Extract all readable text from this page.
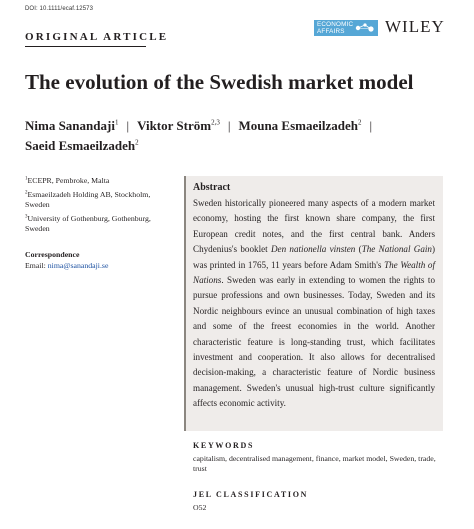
DOI: 10.1111/ecaf.12573
ORIGINAL ARTICLE
ECONOMIC
AFFAIRS	WILEY
The evolution of the Swedish market model
Nima Sanandaji$^1$ | Viktor Ström$^{2,3}$ | Mouna Esmaeilzadeh$^2$ |
Saeid Esmaeilzadeh$^2$
$^1$ECEPR, Pembroke, Malta
$^2$Esmaeilzadeh Holding AB, Stockholm, Sweden
$^3$University of Gothenburg, Gothenburg, Sweden
Correspondence
Email: nima@sanandaji.se
Abstract
Sweden historically pioneered many aspects of a modern market economy, hosting the first known share company, the first European credit notes, and the first central bank. Anders Chydenius's booklet Den nationella vinsten (The National Gain) was printed in 1765, 11 years before Adam Smith's The Wealth of Nations. Sweden was early in extending to women the rights to pursue professions and own businesses. Today, Sweden and its Nordic neighbours evince an unusual combination of high taxes and some of the freest economies in the world. Another characteristic feature is long-standing trust, which facilitates investment and cooperation. It also allows for decentralised decision-making, a characteristic feature of Nordic business management. Sweden's unusual high-trust culture significantly affects economic activity.
KEYWORDS
capitalism, decentralised management, finance, market model, Sweden, trade, trust
JEL CLASSIFICATION
O52
